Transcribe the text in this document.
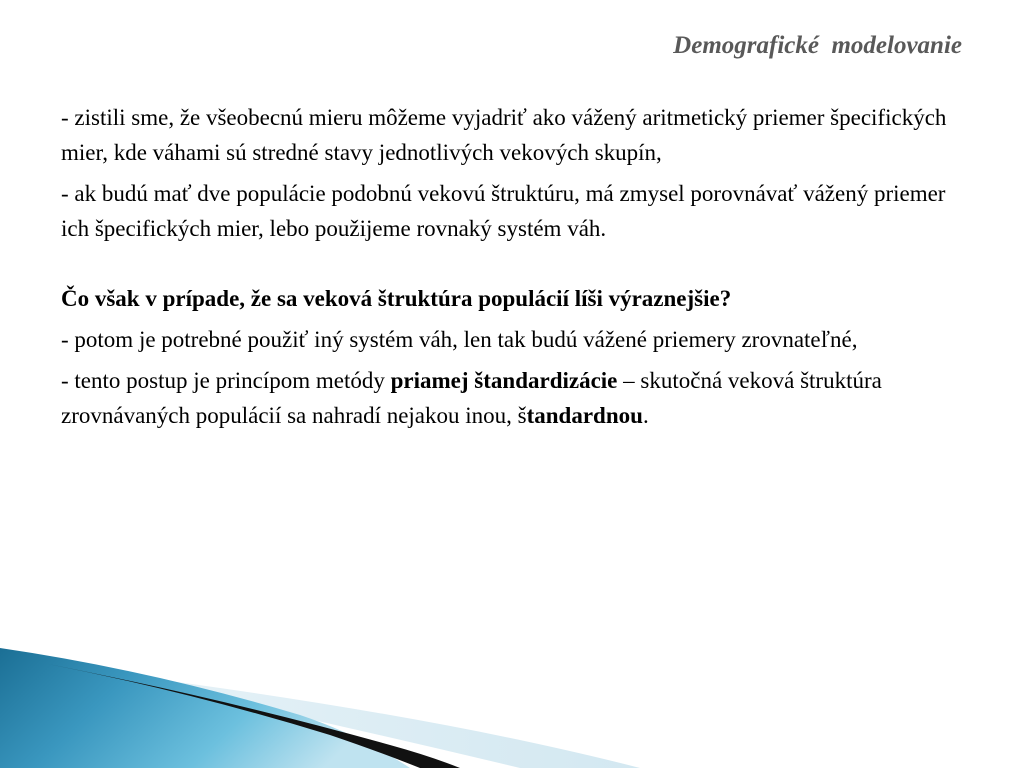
Demografické  modelovanie

- zistili sme, že všeobecnú mieru môžeme vyjadriť ako vážený aritmetický priemer špecifických mier, kde váhami sú stredné stavy jednotlivých vekových skupín,

- ak budú mať dve populácie podobnú vekovú štruktúru, má zmysel porovnávať vážený priemer ich špecifických mier, lebo použijeme rovnaký systém váh.

Čo však v prípade, že sa veková štruktúra populácií líši výraznejšie?

- potom je potrebné použiť iný systém váh, len tak budú vážené priemery zrovnateľné,

- tento postup je princípom metódy priamej štandardizácie – skutočná veková štruktúra zrovnávaných populácií sa nahradí nejakou inou, štandardnou.
